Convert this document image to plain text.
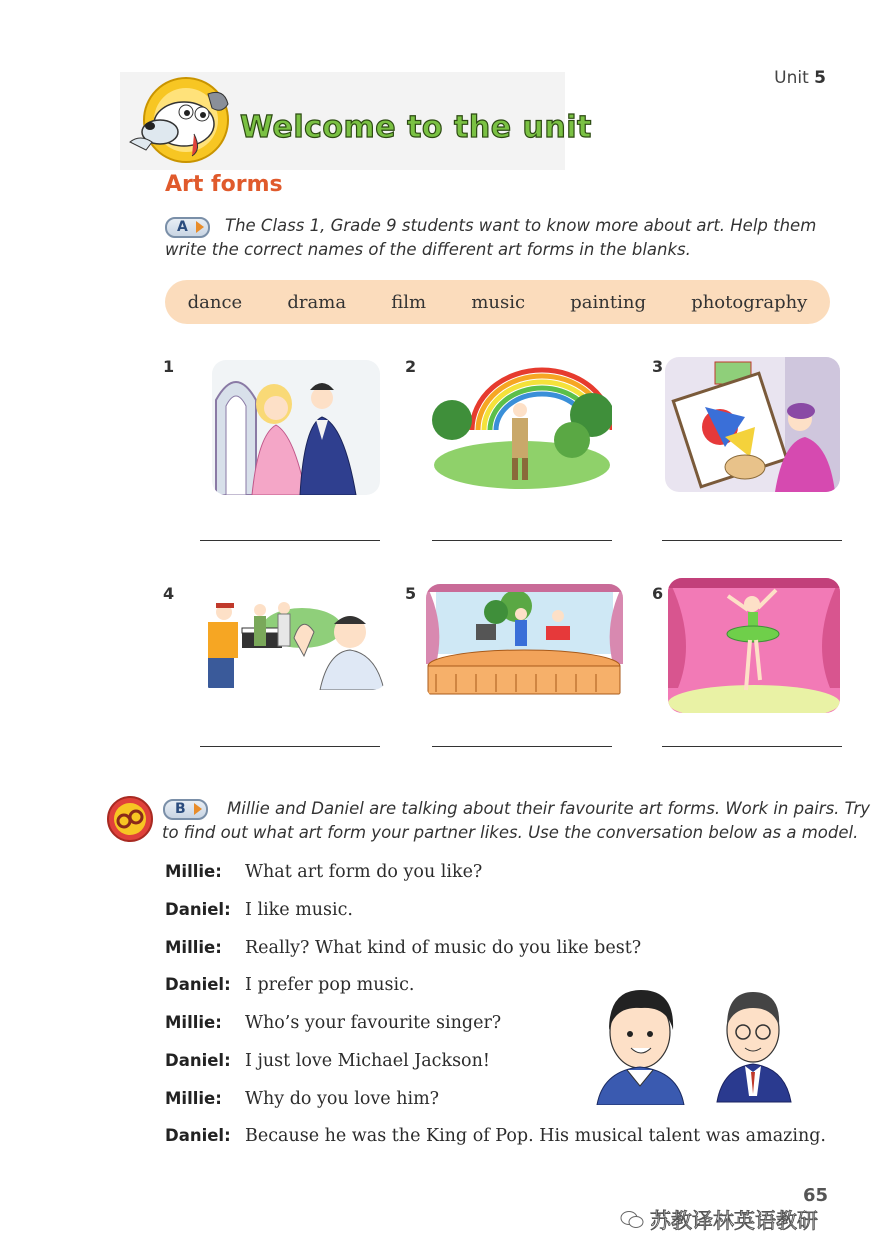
Unit 5
Welcome to the unit
Art forms
A The Class 1, Grade 9 students want to know more about art. Help them
write the correct names of the different art forms in the blanks.
dance	drama	film	music	painting	photography
1	2	3
4	5	6
B	Millie and Daniel are talking about their favourite art forms. Work in pairs. Try
to find out what art form your partner likes. Use the conversation below as a model.
Millie:	What art form do you like?
Daniel: I like music.
Millie:	Really? What kind of music do you like best?
Daniel: I prefer pop music.
Millie:	Who’s your favourite singer?
Daniel: I just love Michael Jackson!
Millie:	Why do you love him?
Daniel: Because he was the King of Pop. His musical talent was amazing.
65
苏教译林英语教研
